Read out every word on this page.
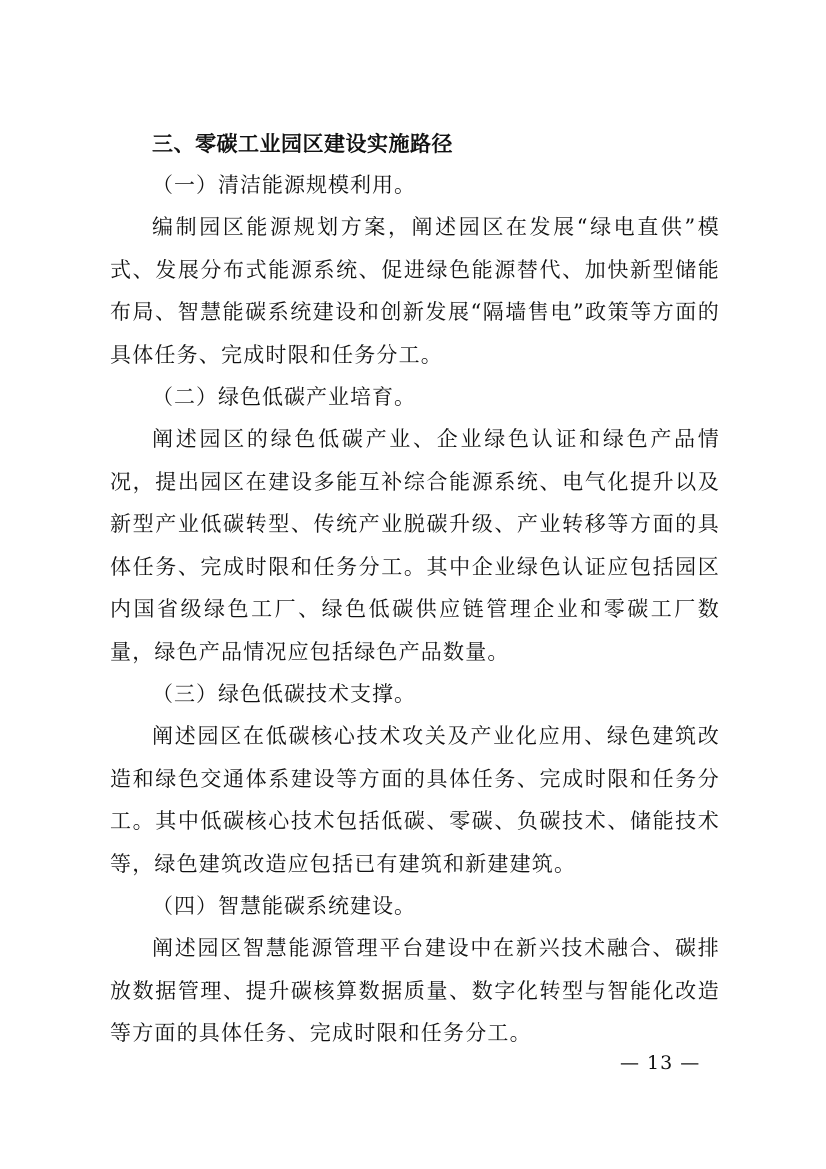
三、零碳工业园区建设实施路径
（一）清洁能源规模利用。

编制园区能源规划方案，阐述园区在发展“绿电直供”模式、发展分布式能源系统、促进绿色能源替代、加快新型储能布局、智慧能碳系统建设和创新发展“隔墙售电”政策等方面的具体任务、完成时限和任务分工。

（二）绿色低碳产业培育。

阐述园区的绿色低碳产业、企业绿色认证和绿色产品情况，提出园区在建设多能互补综合能源系统、电气化提升以及新型产业低碳转型、传统产业脱碳升级、产业转移等方面的具体任务、完成时限和任务分工。其中企业绿色认证应包括园区内国省级绿色工厂、绿色低碳供应链管理企业和零碳工厂数量，绿色产品情况应包括绿色产品数量。

（三）绿色低碳技术支撑。

阐述园区在低碳核心技术攻关及产业化应用、绿色建筑改造和绿色交通体系建设等方面的具体任务、完成时限和任务分工。其中低碳核心技术包括低碳、零碳、负碳技术、储能技术等，绿色建筑改造应包括已有建筑和新建建筑。

（四）智慧能碳系统建设。

阐述园区智慧能源管理平台建设中在新兴技术融合、碳排放数据管理、提升碳核算数据质量、数字化转型与智能化改造等方面的具体任务、完成时限和任务分工。

— 13 —
